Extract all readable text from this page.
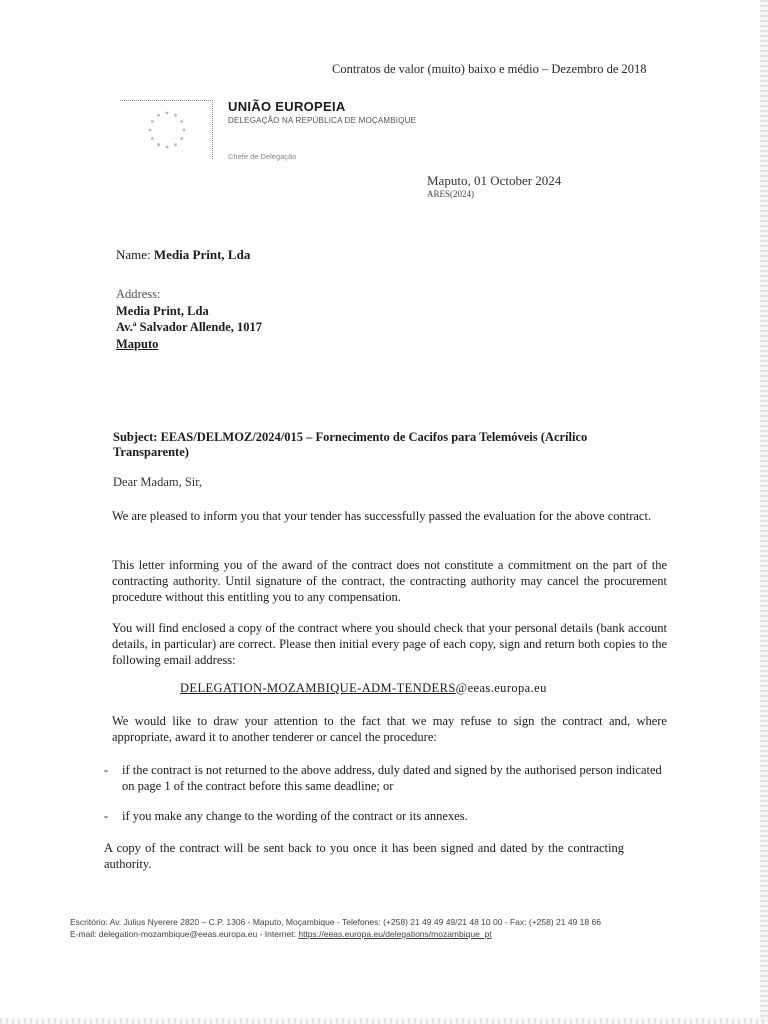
Contratos de valor (muito) baixo e médio – Dezembro de 2018
UNIÃO EUROPEIA
DELEGAÇÃO NA REPÚBLICA DE MOÇAMBIQUE
Chefe de Delegação
Maputo, 01 October 2024
ARES(2024)
Name: Media Print, Lda
Address:
Media Print, Lda
Av.ª Salvador Allende, 1017
Maputo
Subject: EEAS/DELMOZ/2024/015 – Fornecimento de Cacifos para Telemóveis (Acrílico Transparente)
Dear Madam, Sir,
We are pleased to inform you that your tender has successfully passed the evaluation for the above contract.
This letter informing you of the award of the contract does not constitute a commitment on the part of the contracting authority. Until signature of the contract, the contracting authority may cancel the procurement procedure without this entitling you to any compensation.
You will find enclosed a copy of the contract where you should check that your personal details (bank account details, in particular) are correct. Please then initial every page of each copy, sign and return both copies to the following email address:
DELEGATION-MOZAMBIQUE-ADM-TENDERS@eeas.europa.eu
We would like to draw your attention to the fact that we may refuse to sign the contract and, where appropriate, award it to another tenderer or cancel the procedure:
-	if the contract is not returned to the above address, duly dated and signed by the authorised person indicated on page 1 of the contract before this same deadline; or
-	if you make any change to the wording of the contract or its annexes.
A copy of the contract will be sent back to you once it has been signed and dated by the contracting authority.
Escritório: Av. Julius Nyerere 2820 – C.P. 1306 - Maputo, Moçambique - Telefones: (+258) 21 49 49 49/21 48 10 00 - Fax: (+258) 21 49 18 66
E-mail: delegation-mozambique@eeas.europa.eu - Internet: https://eeas.europa.eu/delegations/mozambique_pt
